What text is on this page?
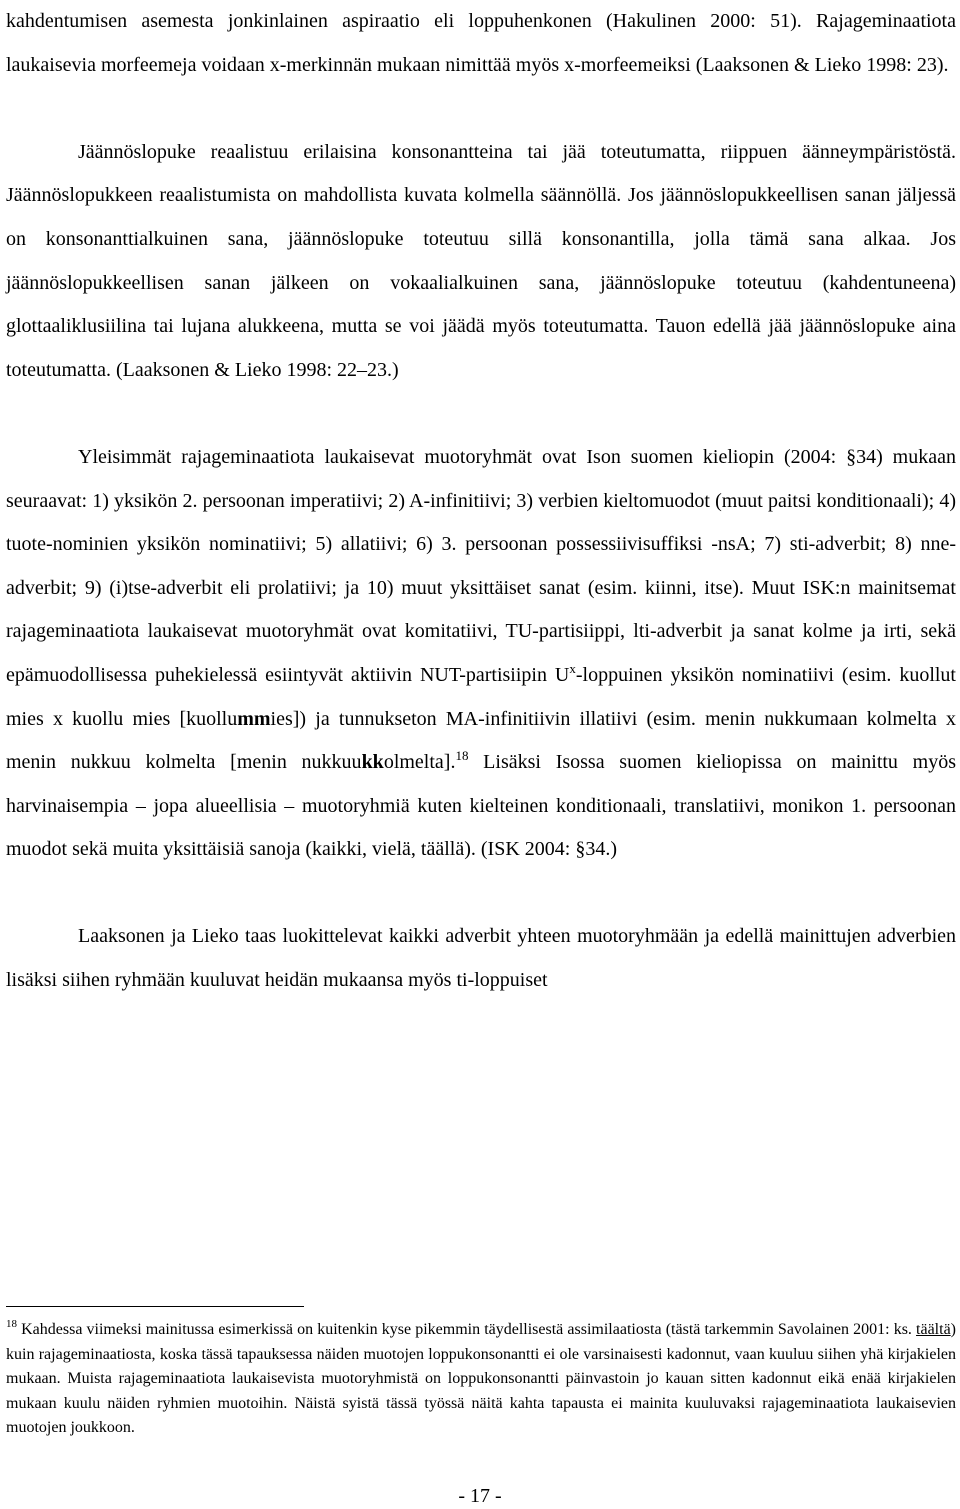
kahdentumisen asemesta jonkinlainen aspiraatio eli loppuhenkonen (Hakulinen 2000: 51). Rajageminaatiota laukaisevia morfeemeja voidaan x-merkinnän mukaan nimittää myös x-morfeemeiksi (Laaksonen & Lieko 1998: 23).

Jäännöslopuke reaalistuu erilaisina konsonantteina tai jää toteutumatta, riippuen äänneympäristöstä. Jäännöslopukkeen reaalistumista on mahdollista kuvata kolmella säännöllä. Jos jäännöslopukkeellisen sanan jäljessä on konsonanttialkuinen sana, jäännöslopuke toteutuu sillä konsonantilla, jolla tämä sana alkaa. Jos jäännöslopukkeellisen sanan jälkeen on vokaalialkuinen sana, jäännöslopuke toteutuu (kahdentuneena) glottaaliklusiilina tai lujana alukkeena, mutta se voi jäädä myös toteutumatta. Tauon edellä jää jäännöslopuke aina toteutumatta. (Laaksonen & Lieko 1998: 22–23.)

Yleisimmät rajageminaatiota laukaisevat muotoryhmät ovat Ison suomen kieliopin (2004: §34) mukaan seuraavat: 1) yksikön 2. persoonan imperatiivi; 2) A-infinitiivi; 3) verbien kieltomuodot (muut paitsi konditionaali); 4) tuote-nominien yksikön nominatiivi; 5) allatiivi; 6) 3. persoonan possessiivisuffiksi -nsA; 7) sti-adverbit; 8) nne-adverbit; 9) (i)tse-adverbit eli prolatiivi; ja 10) muut yksittäiset sanat (esim. kiinni, itse). Muut ISK:n mainitsemat rajageminaatiota laukaisevat muotoryhmät ovat komitatiivi, TU-partisiippi, lti-adverbit ja sanat kolme ja irti, sekä epämuodollisessa puhekielessä esiintyvät aktiivin NUT-partisiipin $U^x$-loppuinen yksikön nominatiivi (esim. kuollut mies x kuollu mies [kuollummies]) ja tunnukseton MA-infinitiivin illatiivi (esim. menin nukkumaan kolmelta x menin nukkuu kolmelta [menin nukkuukkolmelta].$^{18}$ Lisäksi Isossa suomen kieliopissa on mainittu myös harvinaisempia – jopa alueellisia – muotoryhmiä kuten kielteinen konditionaali, translatiivi, monikon 1. persoonan muodot sekä muita yksittäisiä sanoja (kaikki, vielä, täällä). (ISK 2004: §34.)

Laaksonen ja Lieko taas luokittelevat kaikki adverbit yhteen muotoryhmään ja edellä mainittujen adverbien lisäksi siihen ryhmään kuuluvat heidän mukaansa myös ti-loppuiset

$^{18}$ Kahdessa viimeksi mainitussa esimerkissä on kuitenkin kyse pikemmin täydellisestä assimilaatiosta (tästä tarkemmin Savolainen 2001: ks. täältä) kuin rajageminaatiosta, koska tässä tapauksessa näiden muotojen loppukonsonantti ei ole varsinaisesti kadonnut, vaan kuuluu siihen yhä kirjakielen mukaan. Muista rajageminaatiota laukaisevista muotoryhmistä on loppukonsonantti päinvastoin jo kauan sitten kadonnut eikä enää kirjakielen mukaan kuulu näiden ryhmien muotoihin. Näistä syistä tässä työssä näitä kahta tapausta ei mainita kuuluvaksi rajageminaatiota laukaisevien muotojen joukkoon.

- 17 -
